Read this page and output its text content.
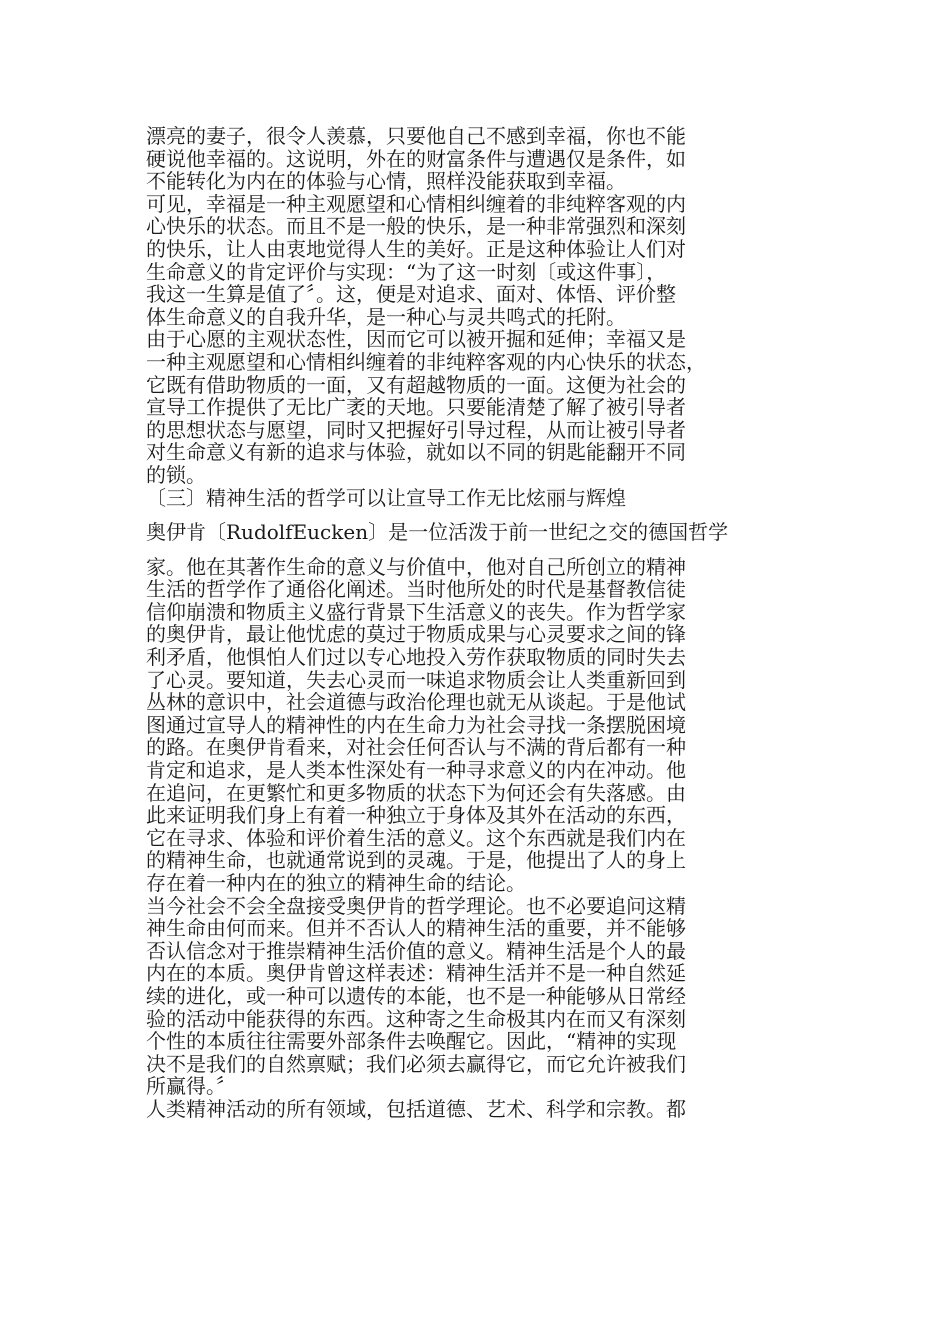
漂亮的妻子，很令人羡慕，只要他自己不感到幸福，你也不能
硬说他幸福的。这说明，外在的财富条件与遭遇仅是条件，如
不能转化为内在的体验与心情，照样没能获取到幸福。
可见，幸福是一种主观愿望和心情相纠缠着的非纯粹客观的内
心快乐的状态。而且不是一般的快乐，是一种非常强烈和深刻
的快乐，让人由衷地觉得人生的美好。正是这种体验让人们对
生命意义的肯定评价与实现：“为了这一时刻〔或这件事〕，
我这一生算是值了〞。这，便是对追求、面对、体悟、评价整
体生命意义的自我升华，是一种心与灵共鸣式的托附。
由于心愿的主观状态性，因而它可以被开掘和延伸；幸福又是
一种主观愿望和心情相纠缠着的非纯粹客观的内心快乐的状态，
它既有借助物质的一面，又有超越物质的一面。这便为社会的
宣导工作提供了无比广袤的天地。只要能清楚了解了被引导者
的思想状态与愿望，同时又把握好引导过程，从而让被引导者
对生命意义有新的追求与体验，就如以不同的钥匙能翻开不同
的锁。
〔三〕精神生活的哲学可以让宣导工作无比炫丽与辉煌
奥伊肯〔RudolfEucken〕是一位活泼于前一世纪之交的德国哲学
家。他在其著作生命的意义与价值中，他对自己所创立的精神
生活的哲学作了通俗化阐述。当时他所处的时代是基督教信徒
信仰崩溃和物质主义盛行背景下生活意义的丧失。作为哲学家
的奥伊肯，最让他忧虑的莫过于物质成果与心灵要求之间的锋
利矛盾，他惧怕人们过以专心地投入劳作获取物质的同时失去
了心灵。要知道，失去心灵而一味追求物质会让人类重新回到
丛林的意识中，社会道德与政治伦理也就无从谈起。于是他试
图通过宣导人的精神性的内在生命力为社会寻找一条摆脱困境
的路。在奥伊肯看来，对社会任何否认与不满的背后都有一种
肯定和追求，是人类本性深处有一种寻求意义的内在冲动。他
在追问，在更繁忙和更多物质的状态下为何还会有失落感。由
此来证明我们身上有着一种独立于身体及其外在活动的东西，
它在寻求、体验和评价着生活的意义。这个东西就是我们内在
的精神生命，也就通常说到的灵魂。于是，他提出了人的身上
存在着一种内在的独立的精神生命的结论。
当今社会不会全盘接受奥伊肯的哲学理论。也不必要追问这精
神生命由何而来。但并不否认人的精神生活的重要，并不能够
否认信念对于推崇精神生活价值的意义。精神生活是个人的最
内在的本质。奥伊肯曾这样表述：精神生活并不是一种自然延
续的进化，或一种可以遗传的本能，也不是一种能够从日常经
验的活动中能获得的东西。这种寄之生命极其内在而又有深刻
个性的本质往往需要外部条件去唤醒它。因此，“精神的实现
决不是我们的自然禀赋；我们必须去赢得它，而它允许被我们
所赢得。〞
人类精神活动的所有领域，包括道德、艺术、科学和宗教。都
